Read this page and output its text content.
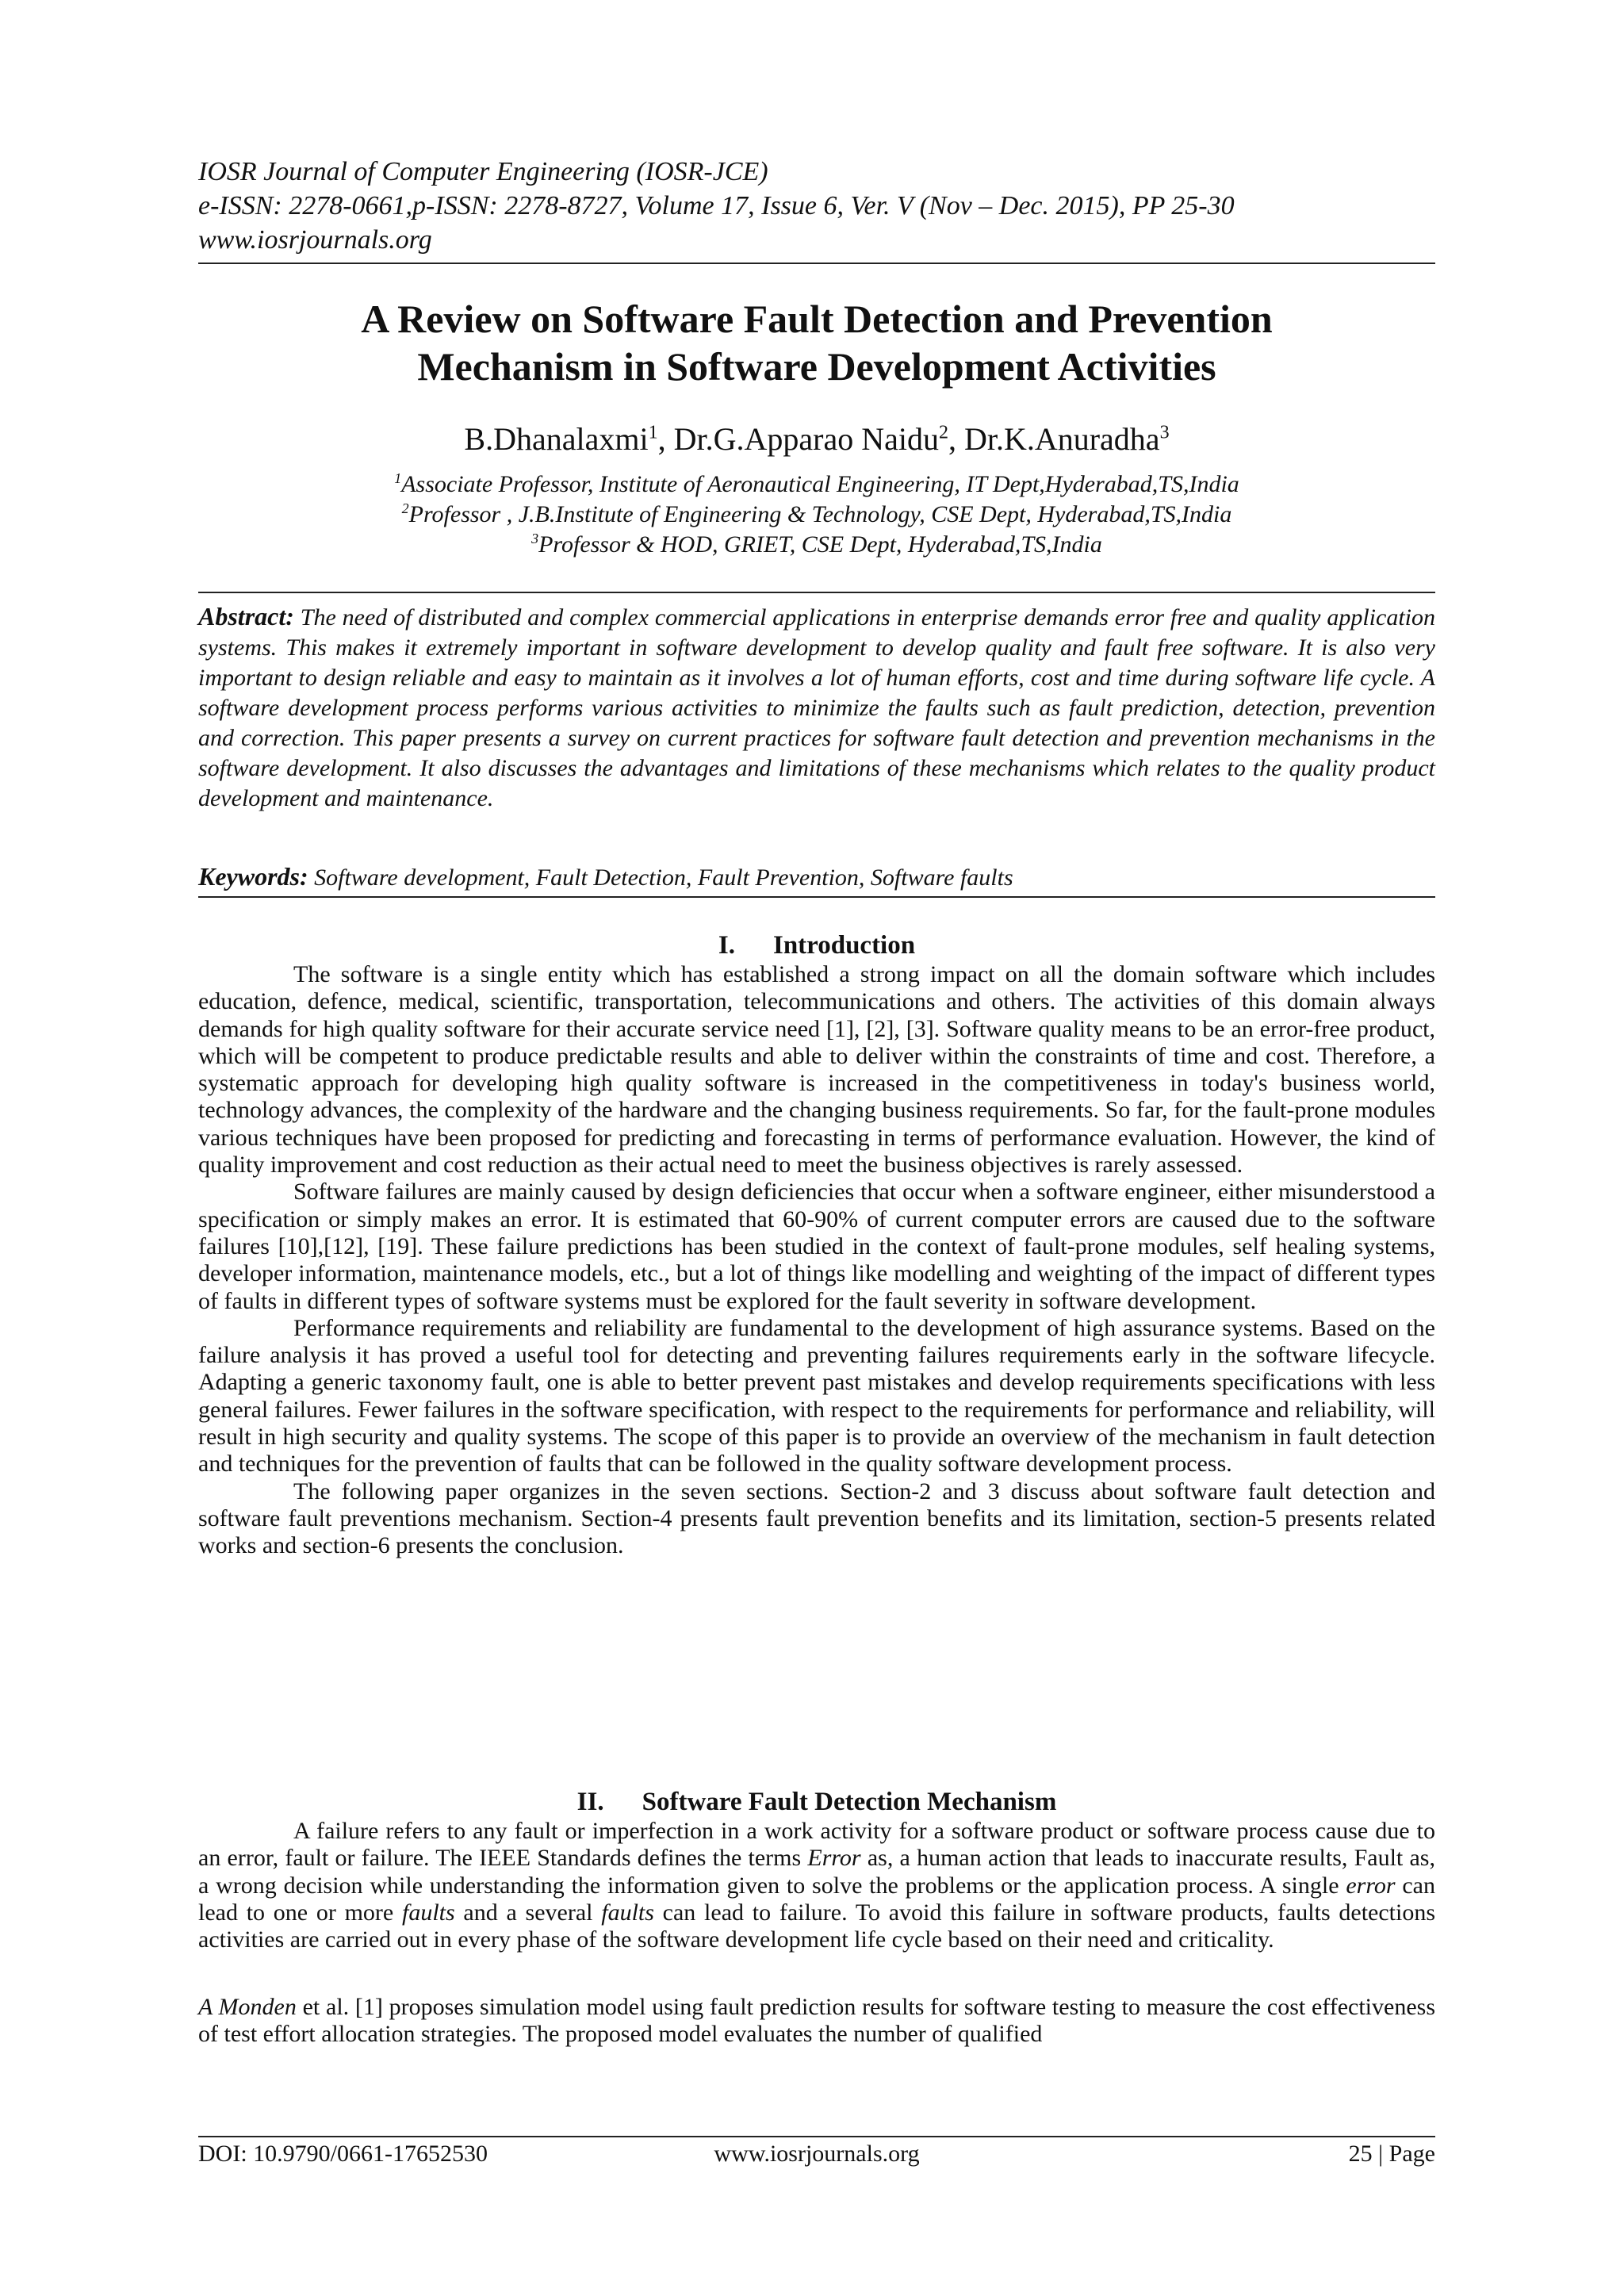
IOSR Journal of Computer Engineering (IOSR-JCE)
e-ISSN: 2278-0661,p-ISSN: 2278-8727, Volume 17, Issue 6, Ver. V (Nov – Dec. 2015), PP 25-30
www.iosrjournals.org
A Review on Software Fault Detection and Prevention
Mechanism in Software Development Activities
B.Dhanalaxmi$^1$, Dr.G.Apparao Naidu$^2$, Dr.K.Anuradha$^3$
$^1$Associate Professor, Institute of Aeronautical Engineering, IT Dept,Hyderabad,TS,India
$^2$Professor , J.B.Institute of Engineering & Technology, CSE Dept, Hyderabad,TS,India
$^3$Professor & HOD, GRIET, CSE Dept, Hyderabad,TS,India
Abstract: The need of distributed and complex commercial applications in enterprise demands error free and quality application systems. This makes it extremely important in software development to develop quality and fault free software. It is also very important to design reliable and easy to maintain as it involves a lot of human efforts, cost and time during software life cycle. A software development process performs various activities to minimize the faults such as fault prediction, detection, prevention and correction. This paper presents a survey on current practices for software fault detection and prevention mechanisms in the software development. It also discusses the advantages and limitations of these mechanisms which relates to the quality product development and maintenance.
Keywords: Software development, Fault Detection, Fault Prevention, Software faults
I. Introduction

The software is a single entity which has established a strong impact on all the domain software which includes education, defence, medical, scientific, transportation, telecommunications and others. The activities of this domain always demands for high quality software for their accurate service need [1], [2], [3]. Software quality means to be an error-free product, which will be competent to produce predictable results and able to deliver within the constraints of time and cost. Therefore, a systematic approach for developing high quality software is increased in the competitiveness in today's business world, technology advances, the complexity of the hardware and the changing business requirements. So far, for the fault-prone modules various techniques have been proposed for predicting and forecasting in terms of performance evaluation. However, the kind of quality improvement and cost reduction as their actual need to meet the business objectives is rarely assessed.

Software failures are mainly caused by design deficiencies that occur when a software engineer, either misunderstood a specification or simply makes an error. It is estimated that 60-90% of current computer errors are caused due to the software failures [10],[12], [19]. These failure predictions has been studied in the context of fault-prone modules, self healing systems, developer information, maintenance models, etc., but a lot of things like modelling and weighting of the impact of different types of faults in different types of software systems must be explored for the fault severity in software development.

Performance requirements and reliability are fundamental to the development of high assurance systems. Based on the failure analysis it has proved a useful tool for detecting and preventing failures requirements early in the software lifecycle. Adapting a generic taxonomy fault, one is able to better prevent past mistakes and develop requirements specifications with less general failures. Fewer failures in the software specification, with respect to the requirements for performance and reliability, will result in high security and quality systems. The scope of this paper is to provide an overview of the mechanism in fault detection and techniques for the prevention of faults that can be followed in the quality software development process.

The following paper organizes in the seven sections. Section-2 and 3 discuss about software fault detection and software fault preventions mechanism. Section-4 presents fault prevention benefits and its limitation, section-5 presents related works and section-6 presents the conclusion.

II. Software Fault Detection Mechanism

A failure refers to any fault or imperfection in a work activity for a software product or software process cause due to an error, fault or failure. The IEEE Standards defines the terms Error as, a human action that leads to inaccurate results, Fault as, a wrong decision while understanding the information given to solve the problems or the application process. A single error can lead to one or more faults and a several faults can lead to failure. To avoid this failure in software products, faults detections activities are carried out in every phase of the software development life cycle based on their need and criticality.

A Monden et al. [1] proposes simulation model using fault prediction results for software testing to measure the cost effectiveness of test effort allocation strategies. The proposed model evaluates the number of qualified

DOI: 10.9790/0661-17652530	www.iosrjournals.org	25 | Page
